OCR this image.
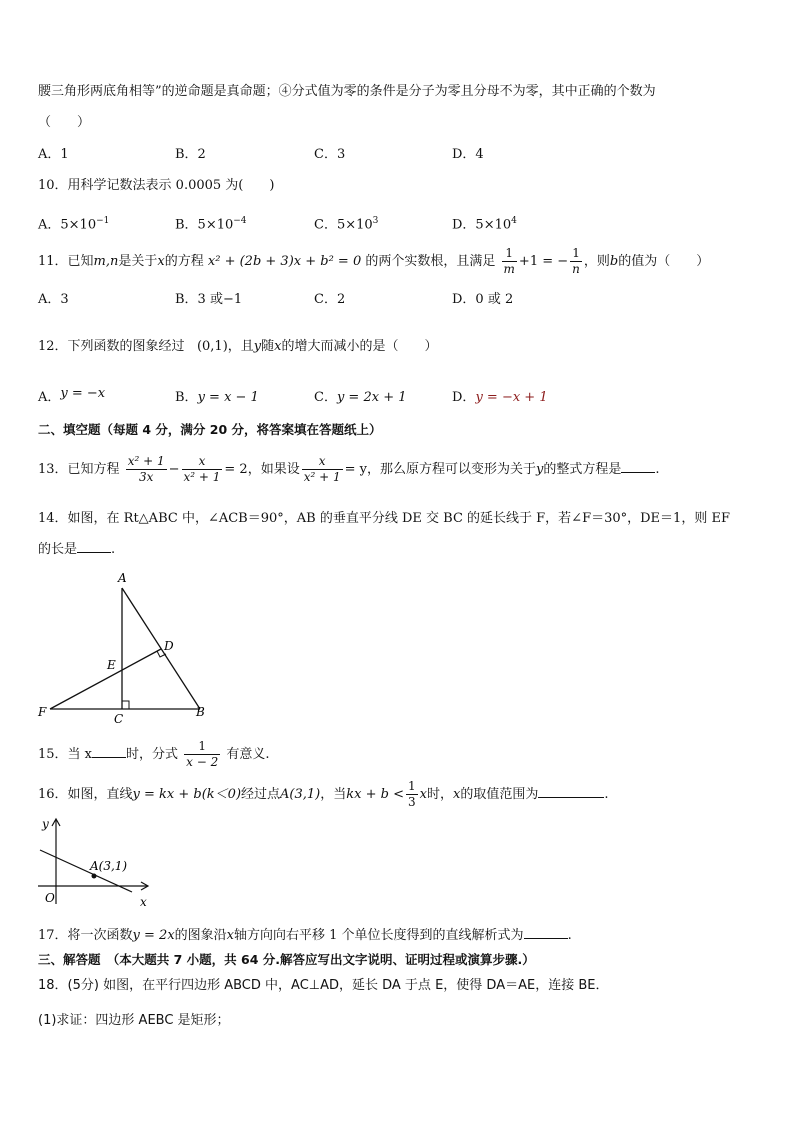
腰三角形两底角相等”的逆命题是真命题；④分式值为零的条件是分子为零且分母不为零，其中正确的个数为
（　　）
A．1	B．2	C．3	D．4
10．用科学记数法表示 0.0005 为(　　)
A．$5\times 10^{-1}$	B．$5\times 10^{-4}$	C．$5\times 10^3$	D．$5\times 10^4$
11．已知m,n是关于x的方程 x² + (2b + 3)x + b² = 0 的两个实数根，且满足 $\frac{1}{m} +1$ = − $\frac{1}{n}$ ，则b的值为（　　）
A．3	B．3 或−1	C．2	D．0 或 2
12．下列函数的图象经过 (0,1)，且y随x的增大而减小的是（　　）
A．y = −x	B．y = x − 1	C．y = 2x + 1	D．y = −x + 1
二、填空题（每题 4 分，满分 20 分，将答案填在答题纸上）
13．已知方程 $\frac{\text{x² + 1}}{3x} - \frac{x}{\text{x² + 1}} = 2$，如果设 $\frac{x}{\text{x² + 1}} = y$，那么原方程可以变形为关于y的整式方程是	.
14．如图，在 Rt△ABC 中，∠ACB＝90°，AB 的垂直平分线 DE 交 BC 的延长线于 F，若∠F＝30°，DE＝1，则 EF
的长是	.
A
D
E
F	C	B
15．当 x	时，分式 $\frac{1}{x - 2}$ 有意义.
16．如图，直线y = kx + b(k＜0)经过点A(3,1)，当kx + $b < \frac{1}{3}$ x时，x的取值范围为	.
y
x
O
A(3,1)
17．将一次函数y = 2x的图象沿x轴方向向右平移 1 个单位长度得到的直线解析式为	.
三、解答题　（本大题共 7 小题，共 64 分.解答应写出文字说明、证明过程或演算步骤.）
18．(5分) 如图，在平行四边形 ABCD 中，AC⊥AD，延长 DA 于点 E，使得 DA＝AE，连接 BE．
(1)求证：四边形 AEBC 是矩形；
